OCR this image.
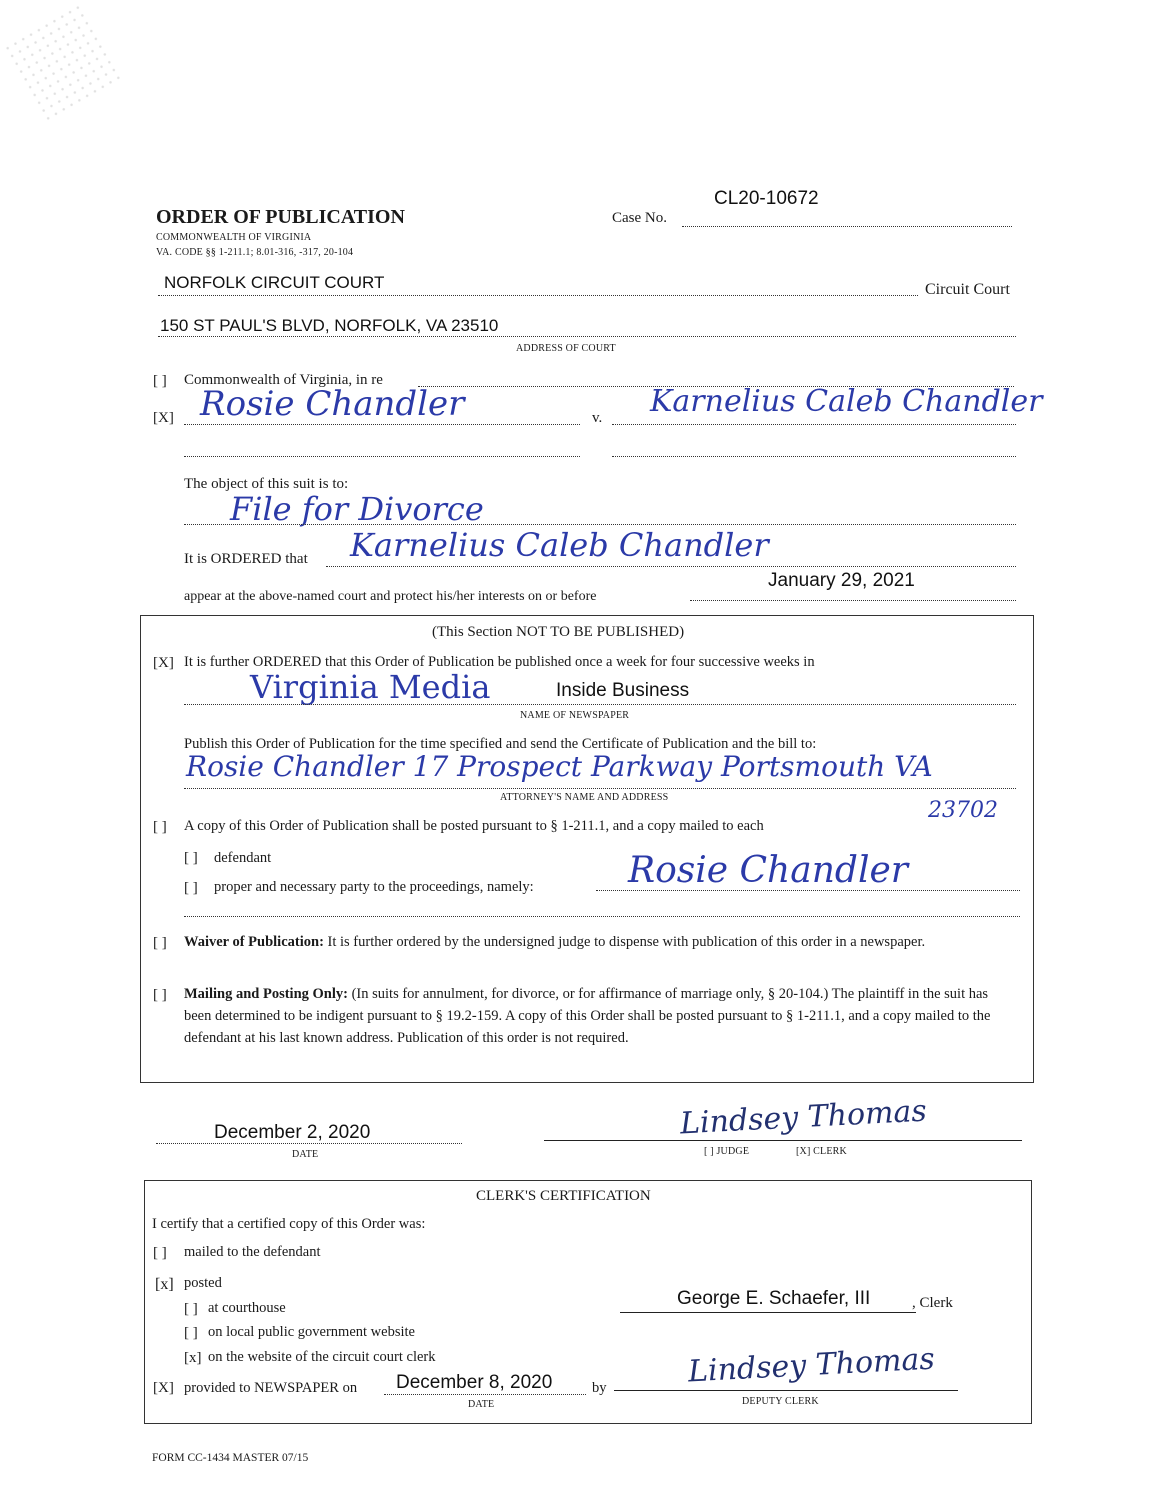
ORDER OF PUBLICATION
COMMONWEALTH OF VIRGINIA
VA. CODE §§ 1-211.1; 8.01-316, -317, 20-104
Case No.
CL20-10672
NORFOLK CIRCUIT COURT	Circuit Court
150 ST PAUL'S BLVD, NORFOLK, VA 23510
ADDRESS OF COURT
[ ] Commonwealth of Virginia, in re
[X] Rosie Chandler	v. Karnelius Caleb Chandler
The object of this suit is to:
File for Divorce
It is ORDERED that Karnelius Caleb Chandler
appear at the above-named court and protect his/her interests on or before
January 29, 2021
(This Section NOT TO BE PUBLISHED)
[X] It is further ORDERED that this Order of Publication be published once a week for four successive weeks in
Virginia Media	Inside Business
NAME OF NEWSPAPER
Publish this Order of Publication for the time specified and send the Certificate of Publication and the bill to:
Rosie Chandler 17 Prospect Parkway Portsmouth VA
ATTORNEY'S NAME AND ADDRESS
23702
[ ] A copy of this Order of Publication shall be posted pursuant to § 1-211.1, and a copy mailed to each
[ ] defendant
[ ] proper and necessary party to the proceedings, namely:	Rosie Chandler
[ ] Waiver of Publication: It is further ordered by the undersigned judge to dispense with publication of this order in a newspaper.
[ ] Mailing and Posting Only: (In suits for annulment, for divorce, or for affirmance of marriage only, § 20-104.) The plaintiff in the suit has been determined to be indigent pursuant to § 19.2-159. A copy of this Order shall be posted pursuant to § 1-211.1, and a copy mailed to the defendant at his last known address. Publication of this order is not required.
December 2, 2020
DATE
Lindsey Thomas
[ ] JUDGE	[X] CLERK
CLERK'S CERTIFICATION
I certify that a certified copy of this Order was:
[ ] mailed to the defendant
[x] posted
[ ] at courthouse
[ ] on local public government website
[x] on the website of the circuit court clerk
George E. Schaefer, III	, Clerk
[X] provided to NEWSPAPER on December 8, 2020
DATE
by	Lindsey Thomas
DEPUTY CLERK
FORM CC-1434 MASTER 07/15
